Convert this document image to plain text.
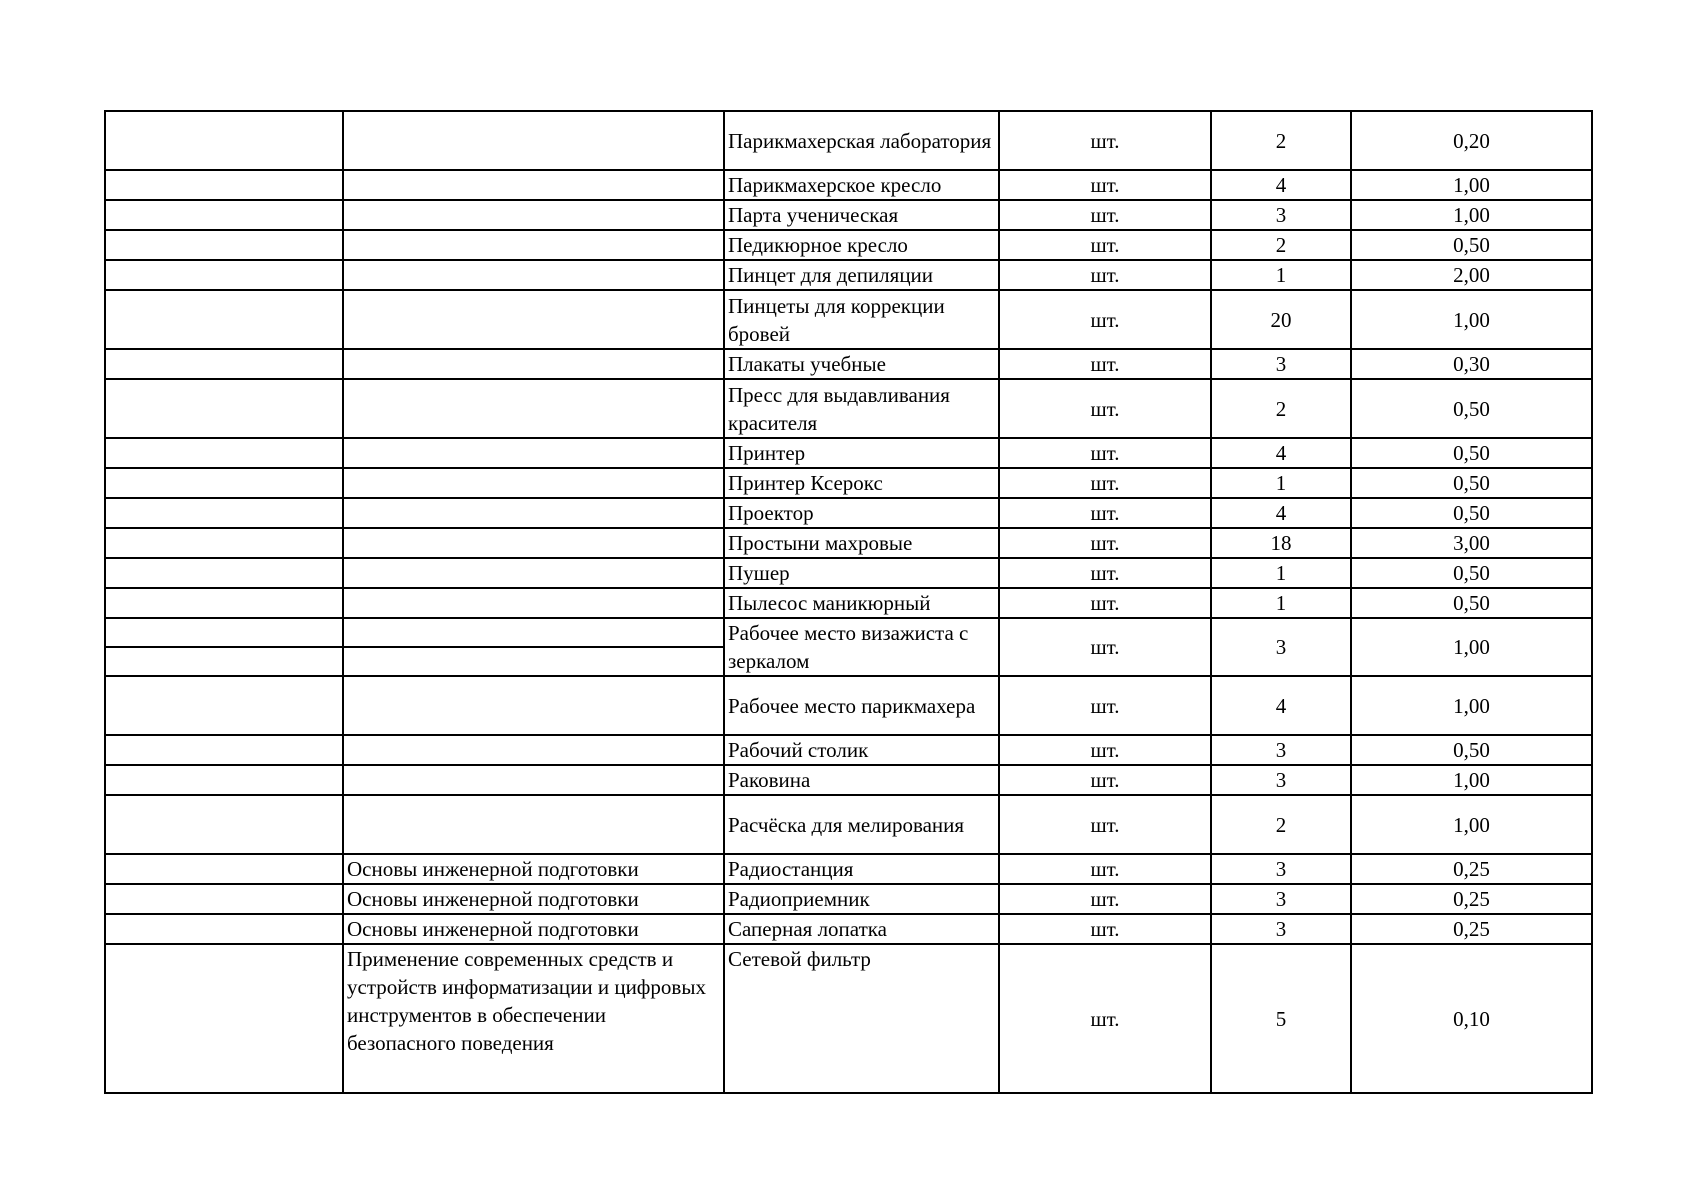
		Парикмахерская лаборатория	шт.	2	0,20
		Парикмахерское кресло	шт.	4	1,00
		Парта ученическая	шт.	3	1,00
		Педикюрное кресло	шт.	2	0,50
		Пинцет для депиляции	шт.	1	2,00
		Пинцеты для коррекции бровей	шт.	20	1,00
		Плакаты учебные	шт.	3	0,30
		Пресс для выдавливания красителя	шт.	2	0,50
		Принтер	шт.	4	0,50
		Принтер Ксерокс	шт.	1	0,50
		Проектор	шт.	4	0,50
		Простыни махровые	шт.	18	3,00
		Пушер	шт.	1	0,50
		Пылесос маникюрный	шт.	1	0,50
		Рабочее место визажиста с зеркалом	шт.	3	1,00

		Рабочее место парикмахера	шт.	4	1,00
		Рабочий столик	шт.	3	0,50
		Раковина	шт.	3	1,00
		Расчёска для мелирования	шт.	2	1,00
	Основы инженерной подготовки	Радиостанция	шт.	3	0,25
	Основы инженерной подготовки	Радиоприемник	шт.	3	0,25
	Основы инженерной подготовки	Саперная лопатка	шт.	3	0,25
	Применение современных средств и устройств информатизации и цифровых инструментов в обеспечении безопасного поведения	Сетевой фильтр	шт.	5	0,10
